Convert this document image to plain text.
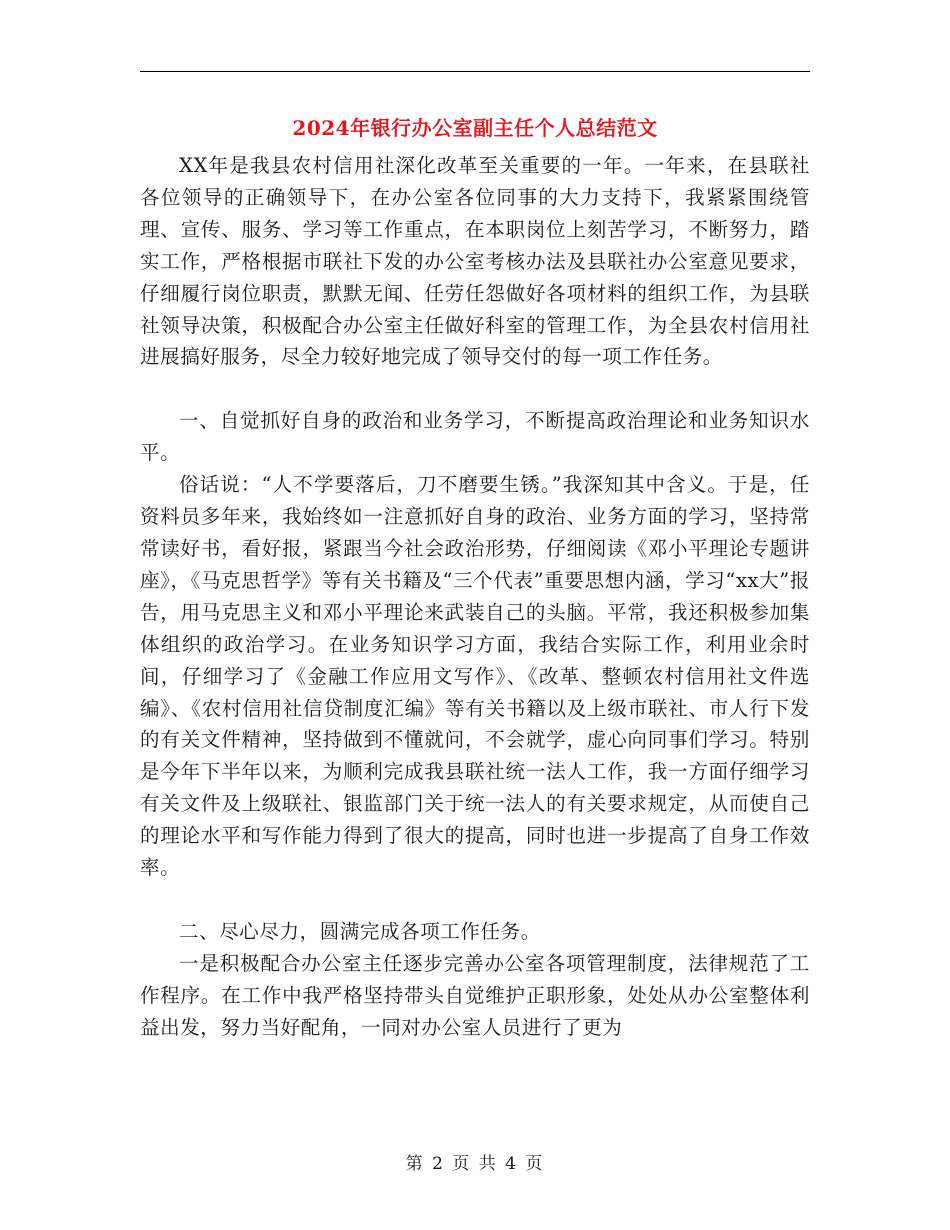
2024年银行办公室副主任个人总结范文

XX年是我县农村信用社深化改革至关重要的一年。一年来，在县联社各位领导的正确领导下，在办公室各位同事的大力支持下，我紧紧围绕管理、宣传、服务、学习等工作重点，在本职岗位上刻苦学习，不断努力，踏实工作，严格根据市联社下发的办公室考核办法及县联社办公室意见要求，仔细履行岗位职责，默默无闻、任劳任怨做好各项材料的组织工作，为县联社领导决策，积极配合办公室主任做好科室的管理工作，为全县农村信用社进展搞好服务，尽全力较好地完成了领导交付的每一项工作任务。

一、自觉抓好自身的政治和业务学习，不断提高政治理论和业务知识水平。

俗话说：“人不学要落后，刀不磨要生锈。”我深知其中含义。于是，任资料员多年来，我始终如一注意抓好自身的政治、业务方面的学习，坚持常常读好书，看好报，紧跟当今社会政治形势，仔细阅读《邓小平理论专题讲座》，《马克思哲学》等有关书籍及“三个代表”重要思想内涵，学习“xx大”报告，用马克思主义和邓小平理论来武装自己的头脑。平常，我还积极参加集体组织的政治学习。在业务知识学习方面，我结合实际工作，利用业余时间，仔细学习了《金融工作应用文写作》、《改革、整顿农村信用社文件选编》、《农村信用社信贷制度汇编》等有关书籍以及上级市联社、市人行下发的有关文件精神，坚持做到不懂就问，不会就学，虚心向同事们学习。特别是今年下半年以来，为顺利完成我县联社统一法人工作，我一方面仔细学习有关文件及上级联社、银监部门关于统一法人的有关要求规定，从而使自己的理论水平和写作能力得到了很大的提高，同时也进一步提高了自身工作效率。

二、尽心尽力，圆满完成各项工作任务。

一是积极配合办公室主任逐步完善办公室各项管理制度，法律规范了工作程序。在工作中我严格坚持带头自觉维护正职形象，处处从办公室整体利益出发，努力当好配角，一同对办公室人员进行了更为

第 2 页 共 4 页
